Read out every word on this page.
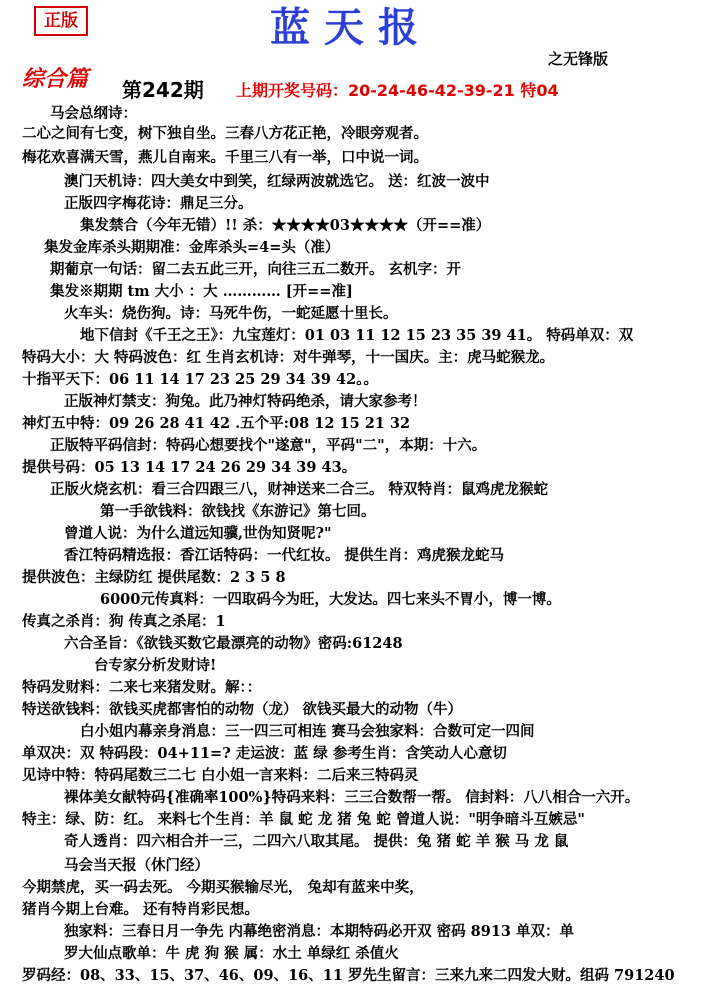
正版	蓝天报
之无锋版
综合篇 第242期 上期开奖号码：20-24-46-42-39-21 特04
马会总纲诗：
二心之间有七变，树下独自坐。三春八方花正艳，冷眼旁观者。
梅花欢喜满天雪，燕儿自南来。千里三八有一举，口中说一词。
澳门天机诗：四大美女中到笑，红绿两波就选它。 送：红波一波中
正版四字梅花诗：鼎足三分。
集发禁合（今年无错）!! 杀：★★★★03★★★★（开==准）
集发金库杀头期期准：金库杀头=4=头（准）
期葡京一句话：留二去五此三开，向往三五二数开。 玄机字：开
集发※期期 tm 大小 ：大 ………… [开==准]
火车头：烧伤狗。诗：马死牛伤，一蛇延愿十里长。
地下信封《千王之王》：九宝莲灯：01 03 11 12 15 23 35 39 41。 特码单双：双
特码大小：大 特码波色：红 生肖玄机诗：对牛弹琴，十一国庆。主：虎马蛇猴龙。
十指平天下：06 11 14 17 23 25 29 34 39 42。。
正版神灯禁支：狗兔。此乃神灯特码绝杀，请大家参考！
神灯五中特：09 26 28 41 42 .五个平:08 12 15 21 32
正版特平码信封：特码心想要找个"遂意"，平码"二"，本期：十六。
提供号码：05 13 14 17 24 26 29 34 39 43。
正版火烧玄机：看三合四跟三八，财神送来二合三。 特双特肖：鼠鸡虎龙猴蛇
第一手欲钱料：欲钱找《东游记》第七回。
曾道人说：为什么道远知骥,世伪知贤呢?"
香江特码精选报：香江话特码：一代红妆。 提供生肖：鸡虎猴龙蛇马
提供波色：主绿防红 提供尾数：2 3 5 8
6000元传真料：一四取码今为旺，大发达。四七来头不胃小，博一博。
传真之杀肖：狗 传真之杀尾：1
六合圣旨：《欲钱买数它最漂亮的动物》密码:61248
台专家分析发财诗!
特码发财料：二来七来猪发财。解：：
特送欲钱料：欲钱买虎都害怕的动物（龙） 欲钱买最大的动物（牛）
白小姐内幕亲身消息：三一四三可相连 赛马会独家料：合数可定一四间
单双决：双 特码段：04+11=? 走运波：蓝 绿 参考生肖：含笑动人心意切
见诗中特：特码尾数三二七 白小姐一言来料：二后来三特码灵
裸体美女献特码{准确率100%}特码来料：三三合数帮一帮。 信封料：八八相合一六开。
特主：绿、防：红。 来料七个生肖：羊 鼠 蛇 龙 猪 兔 蛇 曾道人说："明争暗斗互嫉忌"
奇人透肖：四六相合并一三，二四六八取其尾。 提供：兔 猪 蛇 羊 猴 马 龙 鼠
马会当天报（休门经）
今期禁虎，买一码去死。 今期买猴输尽光， 兔却有蓝来中奖，
猪肖今期上台难。 还有特肖彩民想。
独家料：三春日月一争先 内幕绝密消息：本期特码必开双 密码 8913 单双：单
罗大仙点歌单：牛 虎 狗 猴 属：水土 单绿红 杀值火
罗码经：08、33、15、37、46、09、16、11 罗先生留言：三来九来二四发大财。组码 791240
